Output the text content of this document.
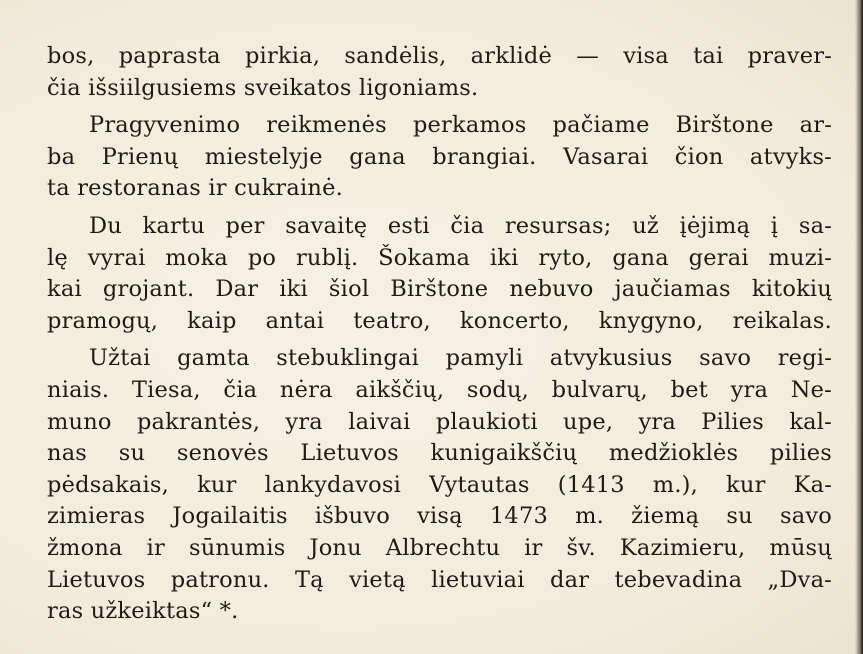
bos, paprasta pirkia, sandėlis, arklidė — visa tai praver-
čia išsiilgusiems sveikatos ligoniams.
Pragyvenimo reikmenės perkamos pačiame Birštone ar-
ba Prienų miestelyje gana brangiai. Vasarai čion atvyks-
ta restoranas ir cukrainė.
Du kartu per savaitę esti čia resursas; už įėjimą į sa-
lę vyrai moka po rublį. Šokama iki ryto, gana gerai muzi-
kai grojant. Dar iki šiol Birštone nebuvo jaučiamas kitokių
pramogų, kaip antai teatro, koncerto, knygyno, reikalas.
Užtai gamta stebuklingai pamyli atvykusius savo regi-
niais. Tiesa, čia nėra aikščių, sodų, bulvarų, bet yra Ne-
muno pakrantės, yra laivai plaukioti upe, yra Pilies kal-
nas su senovės Lietuvos kunigaikščių medžioklės pilies
pėdsakais, kur lankydavosi Vytautas (1413 m.), kur Ka-
zimieras Jogailaitis išbuvo visą 1473 m. žiemą su savo
žmona ir sūnumis Jonu Albrechtu ir šv. Kazimieru, mūsų
Lietuvos patronu. Tą vietą lietuviai dar tebevadina „Dva-
ras užkeiktas“ *.
